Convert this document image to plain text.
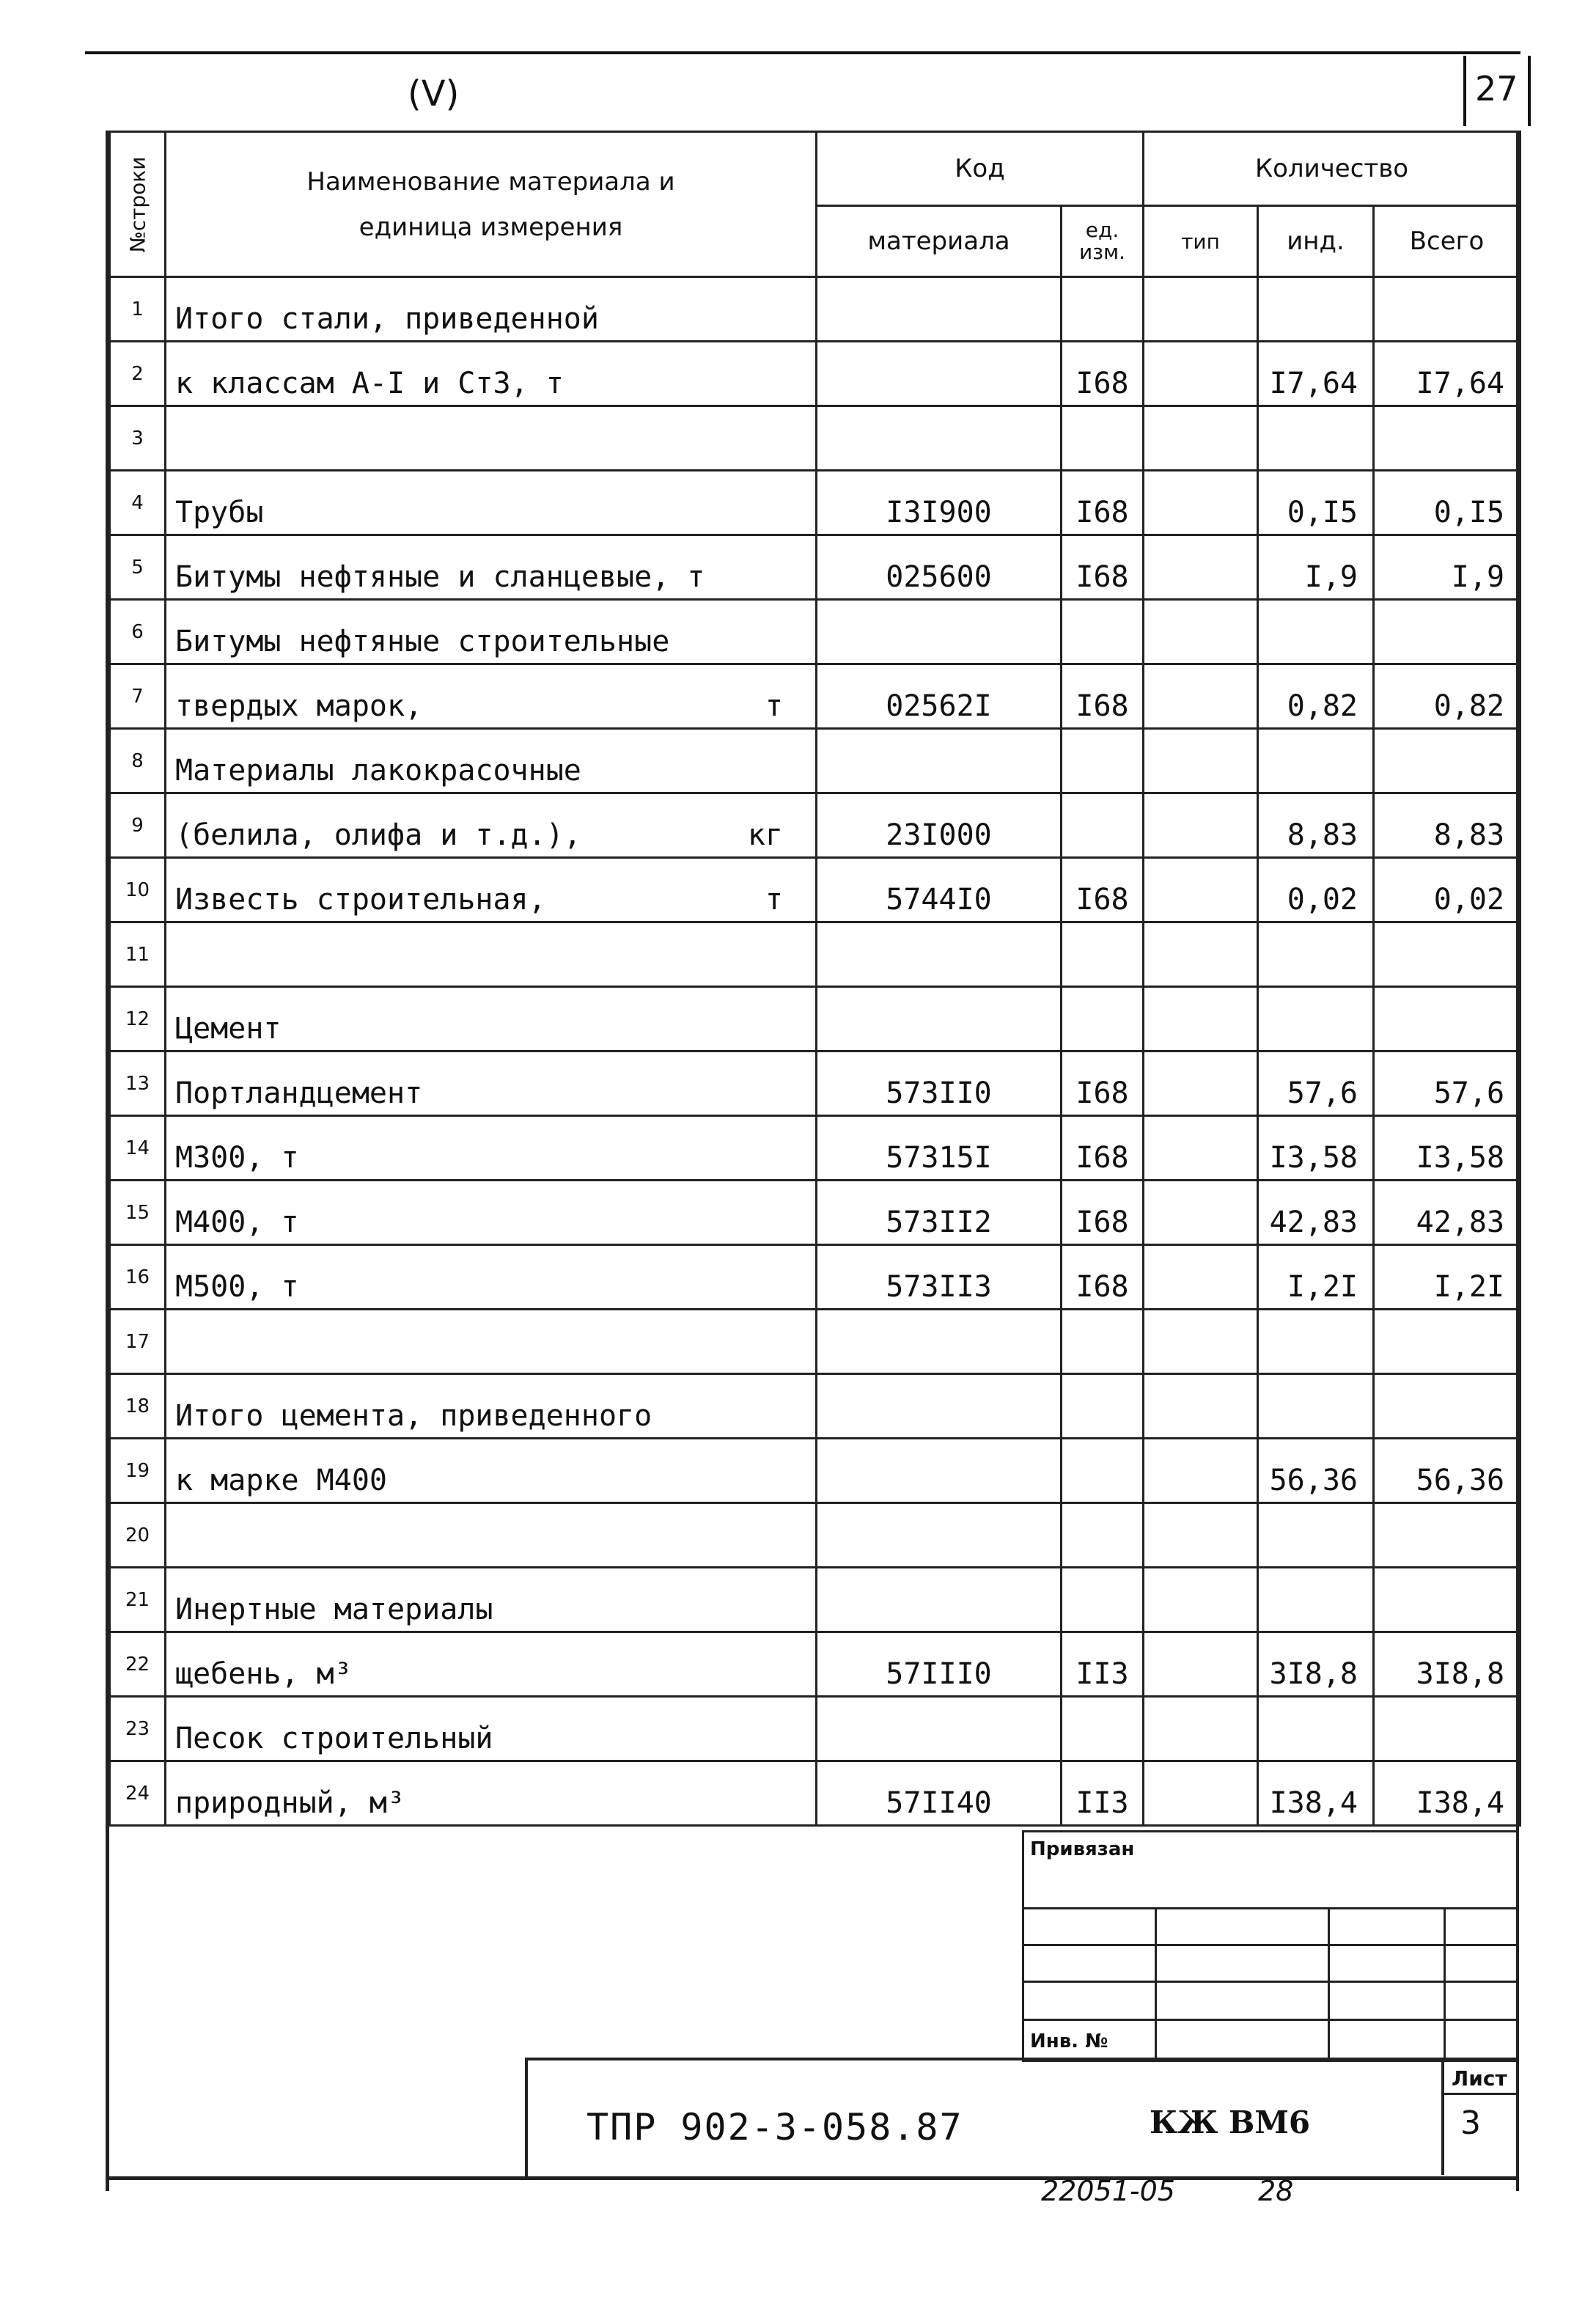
27
(V)
№строки	Наименование материала и единица измерения	Код		Количество		
		материала	ед. изм.	тип	инд.	Всего
1	Итого стали, приведенной					
2	к классам А-I и Ст3, т		I68		I7,64	I7,64
3						
4	Трубы	I3I900	I68		0,I5	0,I5
5	Битумы нефтяные и сланцевые, т	025600	I68		I,9	I,9
6	Битумы нефтяные строительные					
7	твердых марок, т	02562I	I68		0,82	0,82
8	Материалы лакокрасочные					
9	(белила, олифа и т.д.), кг	23I000			8,83	8,83
10	Известь строительная, т	5744I0	I68		0,02	0,02
11						
12	Цемент					
13	Портландцемент	573II0	I68		57,6	57,6
14	М300, т	57315I	I68		I3,58	I3,58
15	М400, т	573II2	I68		42,83	42,83
16	М500, т	573II3	I68		I,2I	I,2I
17						
18	Итого цемента, приведенного					
19	к марке М400				56,36	56,36
20						
21	Инертные материалы					
22	щебень, м³	57III0	II3		3I8,8	3I8,8
23	Песок строительный					
24	природный, м³	57II40	II3		I38,4	I38,4
Привязан
Инв. №
ТПР 902-3-058.87	КЖ ВМ6
Лист
3
22051-05	28
